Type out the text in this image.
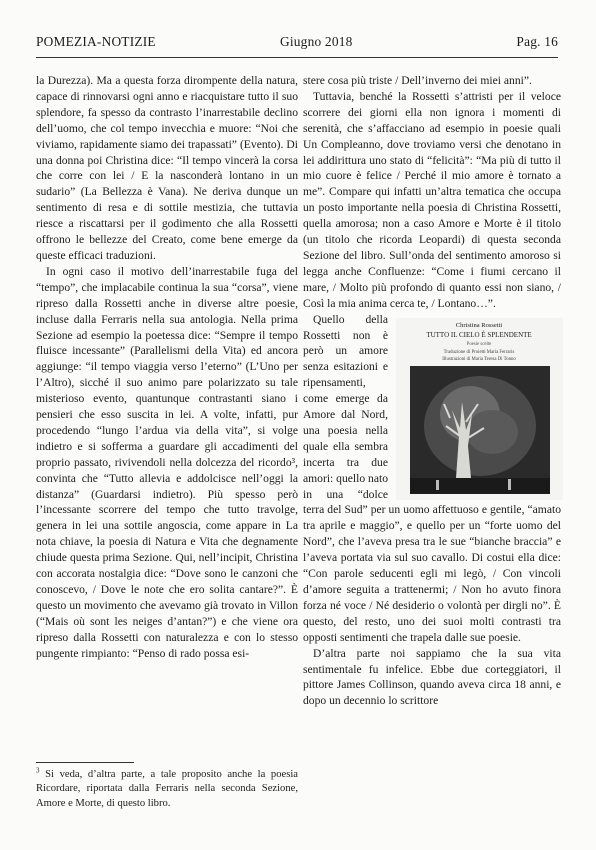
POMEZIA-NOTIZIE	Giugno 2018	Pag. 16

la Durezza). Ma a questa forza dirompente della natura, capace di rinnovarsi ogni anno e riacquistare tutto il suo splendore, fa spesso da contrasto l’inarrestabile declino dell’uomo, che col tempo invecchia e muore: “Noi che viviamo, rapidamente siamo dei trapassati” (Evento). Di una donna poi Christina dice: “Il tempo vincerà la corsa che corre con lei / E la nasconderà lontano in un sudario” (La Bellezza è Vana). Ne deriva dunque un sentimento di resa e di sottile mestizia, che tuttavia riesce a riscattarsi per il godimento che alla Rossetti offrono le bellezze del Creato, come bene emerge da queste efficaci traduzioni.

In ogni caso il motivo dell’inarrestabile fuga del “tempo”, che implacabile continua la sua “corsa”, viene ripreso dalla Rossetti anche in diverse altre poesie, incluse dalla Ferraris nella sua antologia. Nella prima Sezione ad esempio la poetessa dice: “Sempre il tempo fluisce incessante” (Parallelismi della Vita) ed ancora aggiunge: “il tempo viaggia verso l’eterno” (L’Uno per l’Altro), sicché il suo animo pare polarizzato su tale misterioso evento, quantunque contrastanti siano i pensieri che esso suscita in lei. A volte, infatti, pur procedendo “lungo l’ardua via della vita”, si volge indietro e si sofferma a guardare gli accadimenti del proprio passato, rivivendoli nella dolcezza del ricordo³, convinta che “Tutto allevia e addolcisce nell’oggi la distanza” (Guardarsi indietro). Più spesso però l’incessante scorrere del tempo che tutto travolge, genera in lei una sottile angoscia, come appare in La nota chiave, la poesia di Natura e Vita che degnamente chiude questa prima Sezione. Qui, nell’incipit, Christina con accorata nostalgia dice: “Dove sono le canzoni che conoscevo, / Dove le note che ero solita cantare?”. È questo un movimento che avevamo già trovato in Villon (“Mais où sont les neiges d’antan?”) e che viene ora ripreso dalla Rossetti con naturalezza e con lo stesso pungente rimpianto: “Penso di rado possa esi-

stere cosa più triste / Dell’inverno dei miei anni”.

Tuttavia, benché la Rossetti s’attristi per il veloce scorrere dei giorni ella non ignora i momenti di serenità, che s’affacciano ad esempio in poesie quali Un Compleanno, dove troviamo versi che denotano in lei addirittura uno stato di “felicità”: “Ma più di tutto il mio cuore è felice / Perché il mio amore è tornato a me”. Compare qui infatti un’altra tematica che occupa un posto importante nella poesia di Christina Rossetti, quella amorosa; non a caso Amore e Morte è il titolo (un titolo che ricorda Leopardi) di questa seconda Sezione del libro. Sull’onda del sentimento amoroso si legga anche Confluenze: “Come i fiumi cercano il mare, / Molto più profondo di quanto essi non siano, / Così la mia anima cerca te, / Lontano…”.

Christina Rossetti
TUTTO IL CIELO È SPLENDENTE
Poesie scelte
Traduzione di Proietti Maria Ferraris
Illustrazioni di Maria Teresa Di Tonno

Quello della Rossetti non è però un amore senza esitazioni e ripensamenti, come emerge da Amore dal Nord, una poesia nella quale ella sembra incerta tra due amori: quello nato in una “dolce terra del Sud” per un uomo affettuoso e gentile, “amato tra aprile e maggio”, e quello per un “forte uomo del Nord”, che l’aveva presa tra le sue “bianche braccia” e l’aveva portata via sul suo cavallo. Di costui ella dice: “Con parole seducenti egli mi legò, / Con vincoli d’amore seguita a trattenermi; / Non ho avuto finora forza né voce / Né desiderio o volontà per dirgli no”. È questo, del resto, uno dei suoi molti contrasti tra opposti sentimenti che trapela dalle sue poesie.

D’altra parte noi sappiamo che la sua vita sentimentale fu infelice. Ebbe due corteggiatori, il pittore James Collinson, quando aveva circa 18 anni, e dopo un decennio lo scrittore

$^3$ Si veda, d’altra parte, a tale proposito anche la poesia Ricordare, riportata dalla Ferraris nella seconda Sezione, Amore e Morte, di questo libro.
